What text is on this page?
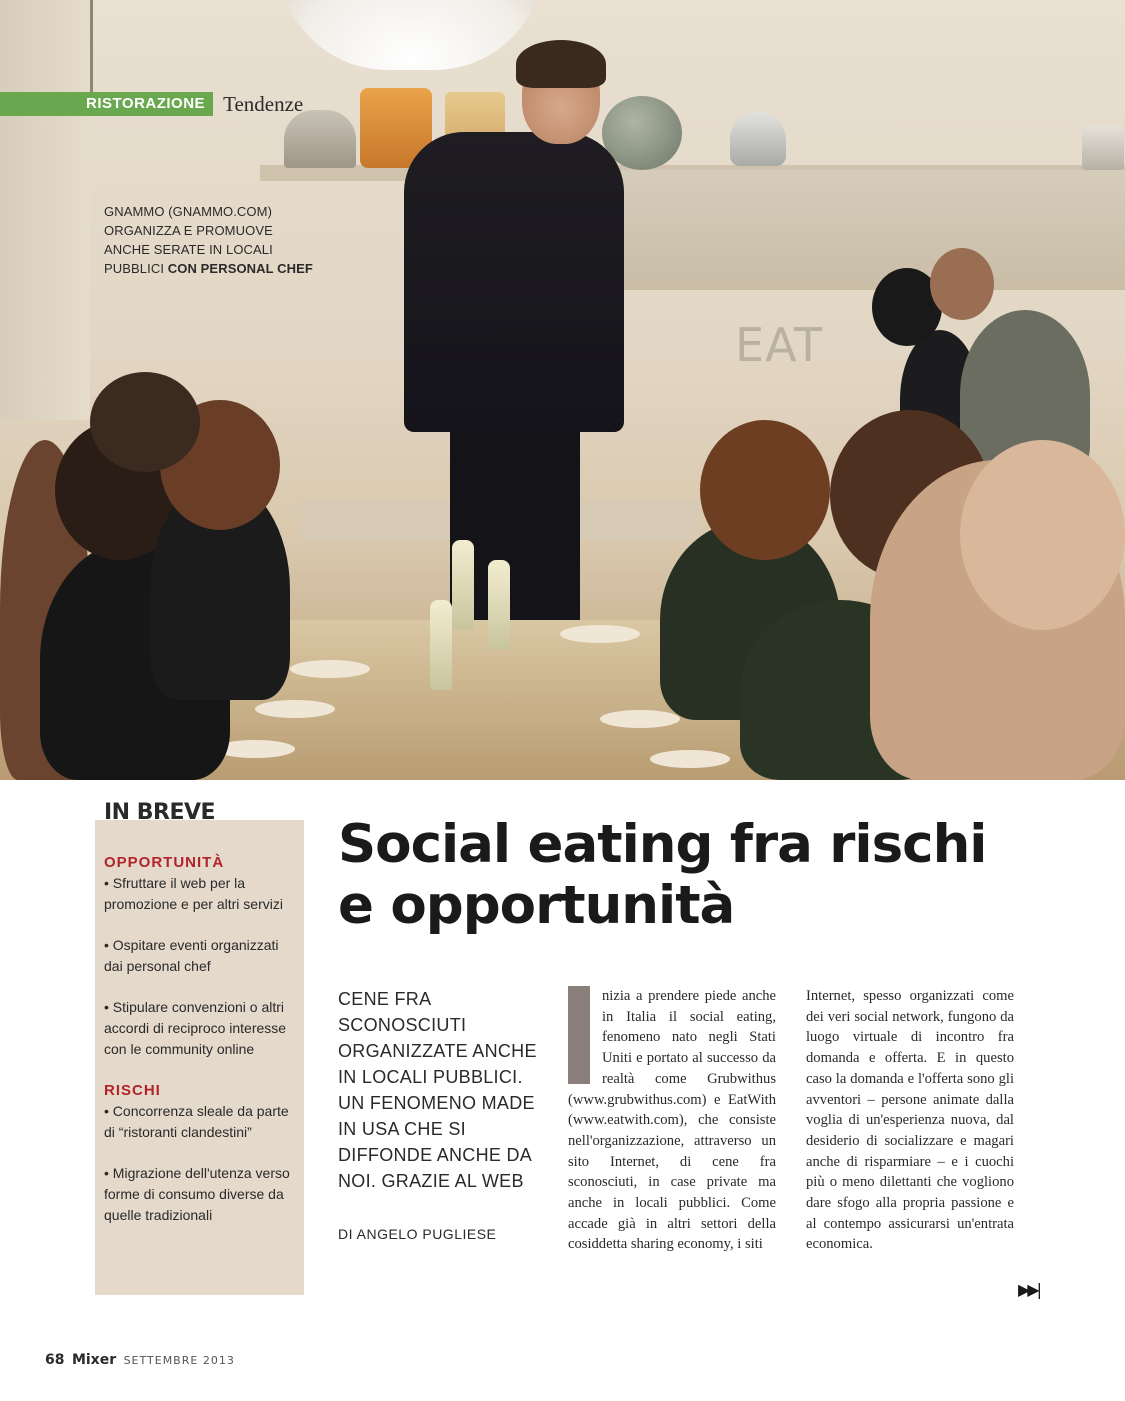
EAT
RISTORAZIONE Tendenze
GNAMMO (GNAMMO.COM)
ORGANIZZA E PROMUOVE
ANCHE SERATE IN LOCALI
PUBBLICI CON PERSONAL CHEF
OPPORTUNITÀ

• Sfruttare il web per la promozione e per altri servizi

• Ospitare eventi organizzati dai personal chef

• Stipulare convenzioni o altri accordi di reciproco interesse con le community online

RISCHI

• Concorrenza sleale da parte di “ristoranti clandestini”

• Migrazione dell'utenza verso forme di consumo diverse da quelle tradizionali

IN BREVE
Social eating fra rischi
e opportunità
CENE FRA SCONOSCIUTI ORGANIZZATE ANCHE IN LOCALI PUBBLICI. UN FENOMENO MADE IN USA CHE SI DIFFONDE ANCHE DA NOI. GRAZIE AL WEB
DI ANGELO PUGLIESE
nizia a prendere piede anche in Italia il social eating, fenomeno nato negli Stati Uniti e portato al successo da realtà come Grubwithus (www.grubwithus.com) e EatWith (www.eatwith.com), che consiste nell'organizzazione, attraverso un sito Internet, di cene fra sconosciuti, in case private ma anche in locali pubblici. Come accade già in altri settori della cosiddetta sharing economy, i siti
Internet, spesso organizzati come dei veri social network, fungono da luogo virtuale di incontro fra domanda e offerta. E in questo caso la domanda e l'offerta sono gli avventori – persone animate dalla voglia di un'esperienza nuova, dal desiderio di socializzare e magari anche di risparmiare – e i cuochi più o meno dilettanti che vogliono dare sfogo alla propria passione e al contempo assicurarsi un'entrata economica.
▶▶|
68 Mixer SETTEMBRE 2013
